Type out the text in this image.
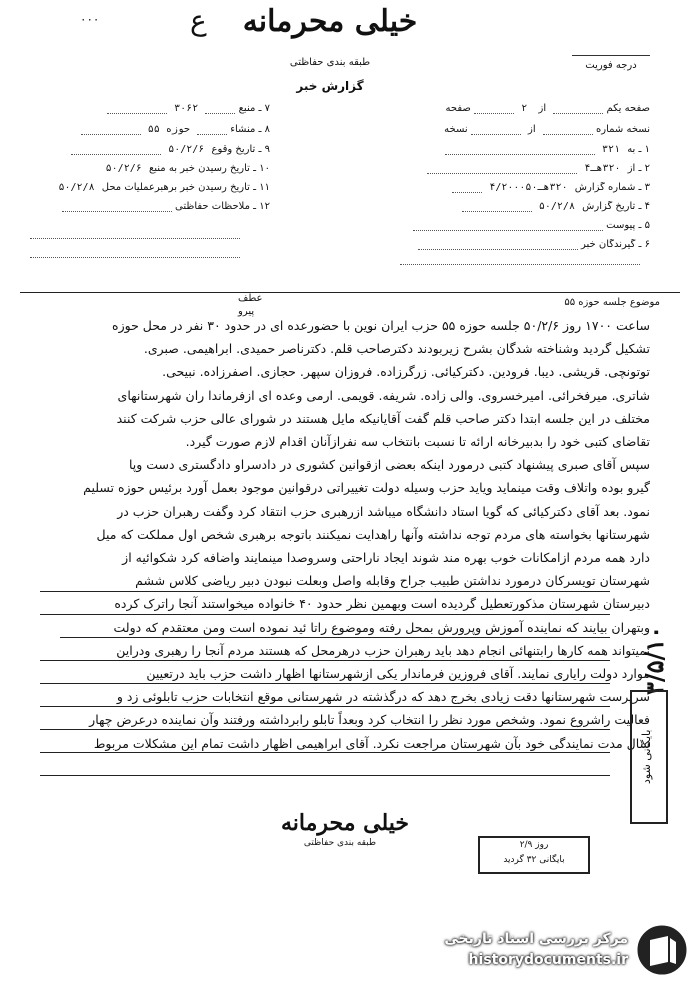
۰۰۰	ع	خیلی محرمانه
طبقه بندی حفاظتی
گزارش خبر
درجه فوریت
صفحه یکم  از ۲  صفحه
نسخه شماره  از  نسخه
۱ ـ به ۳۲۱
۲ ـ از ۳۲۰هـ۴
۳ ـ شماره گزارش ۳۲۰هـ۴/۲۰۰۰۵۰
۴ ـ تاریخ گزارش ۵۰/۲/۸
۵ ـ پیوست
۶ ـ گیرندگان خبر
۷ ـ منبع  ۳۰۶۲
۸ ـ منشاء  حوزه ۵۵
۹ ـ تاریخ وقوع ۵۰/۲/۶
۱۰ ـ تاریخ رسیدن خبر به منبع ۵۰/۲/۶
۱۱ ـ تاریخ رسیدن خبر برهبرعملیات محل ۵۰/۲/۸
۱۲ ـ ملاحظات حفاظتی
عطف
پیرو
موضوع جلسه حوزه ۵۵
ساعت ۱۷۰۰ روز ۵۰/۲/۶ جلسه حوزه ۵۵ حزب ایران نوین با حضورعده ای در حدود ۳۰ نفر در محل حوزه
تشکیل گردید وشناخته شدگان بشرح زیربودند دکترصاحب قلم. دکترناصر حمیدی. ابراهیمی. صبری.
توتونچی. قریشی. دیبا. فرودین. دکترکیائی. زرگرزاده. فروزان سپهر. حجازی. اصفرزاده. نبیحی.
شاتری. میرفخرائی. امیرخسروی. والی زاده. شریفه. قویمی. ارمی وعده ای ازفرماندا ران شهرستانهای
مختلف در این جلسه ابتدا دکتر صاحب قلم گفت آقایانیکه مایل هستند در شورای عالی حزب شرکت کنند
تقاضای کتبی خود را بدبیرخانه ارائه تا نسبت بانتخاب سه نفرازآنان اقدام لازم صورت گیرد.
سپس آقای صبری پیشنهاد کتبی درمورد اینکه بعضی ازقوانین کشوری در دادسراو دادگستری دست وپا
گیرو بوده واتلاف وقت مینماید ویاید حزب وسیله دولت تغییراتی درقوانین موجود بعمل آورد برئیس حوزه تسلیم
نمود. بعد آقای دکترکیائی که گویا استاد دانشگاه میباشد ازرهبری حزب انتقاد کرد وگفت رهبران حزب در
شهرستانها بخواسته های مردم توجه نداشته وآنها راهدایت نمیکنند باتوجه برهبری شخص اول مملکت که میل
دارد همه مردم ازامکانات خوب بهره مند شوند ایجاد ناراحتی وسروصدا مینمایند واضافه کرد شکوائیه از
شهرستان تویسرکان درمورد نداشتن طبیب جراح وقابله واصل وبعلت نبودن دبیر ریاضی کلاس ششم
دبیرستان شهرستان مذکورتعطیل گردیده است وبهمین نظر حدود ۴۰ خانواده میخواستند آنجا راترک کرده
وبتهران بیایند که نماینده آموزش وپرورش بمحل رفته وموضوع راتا ئید نموده است ومن معتقدم که دولت
نمیتواند همه کارها رابتنهائی انجام دهد باید رهبران حزب درهرمحل که هستند مردم آنجا را رهبری ودراین
موارد دولت رایاری نمایند. آقای فروزین فرماندار یکی ازشهرستانها اظهار داشت حزب باید درتعیین
سرپرست شهرستانها دقت زیادی بخرج دهد که درگذشته در شهرستانی موقع انتخابات حزب تابلوئی زد و
فعالیت راشروع نمود. وشخص مورد نظر را انتخاب کرد وبعداً تابلو رابرداشته ورفتند وآن نماینده درعرض چهار
سال مدت نمایندگی خود بآن شهرستان مراجعت نکرد. آقای ابراهیمی اظهار داشت تمام این مشکلات مربوط
خیلی محرمانه
طبقه بندی حفاظتی	روز ۲/۹
بایگانی ۳۲ گردید
۳/۵/۱۰
بایگانی شود
مرکز بررسی اسناد تاریخی
historydocuments.ir
